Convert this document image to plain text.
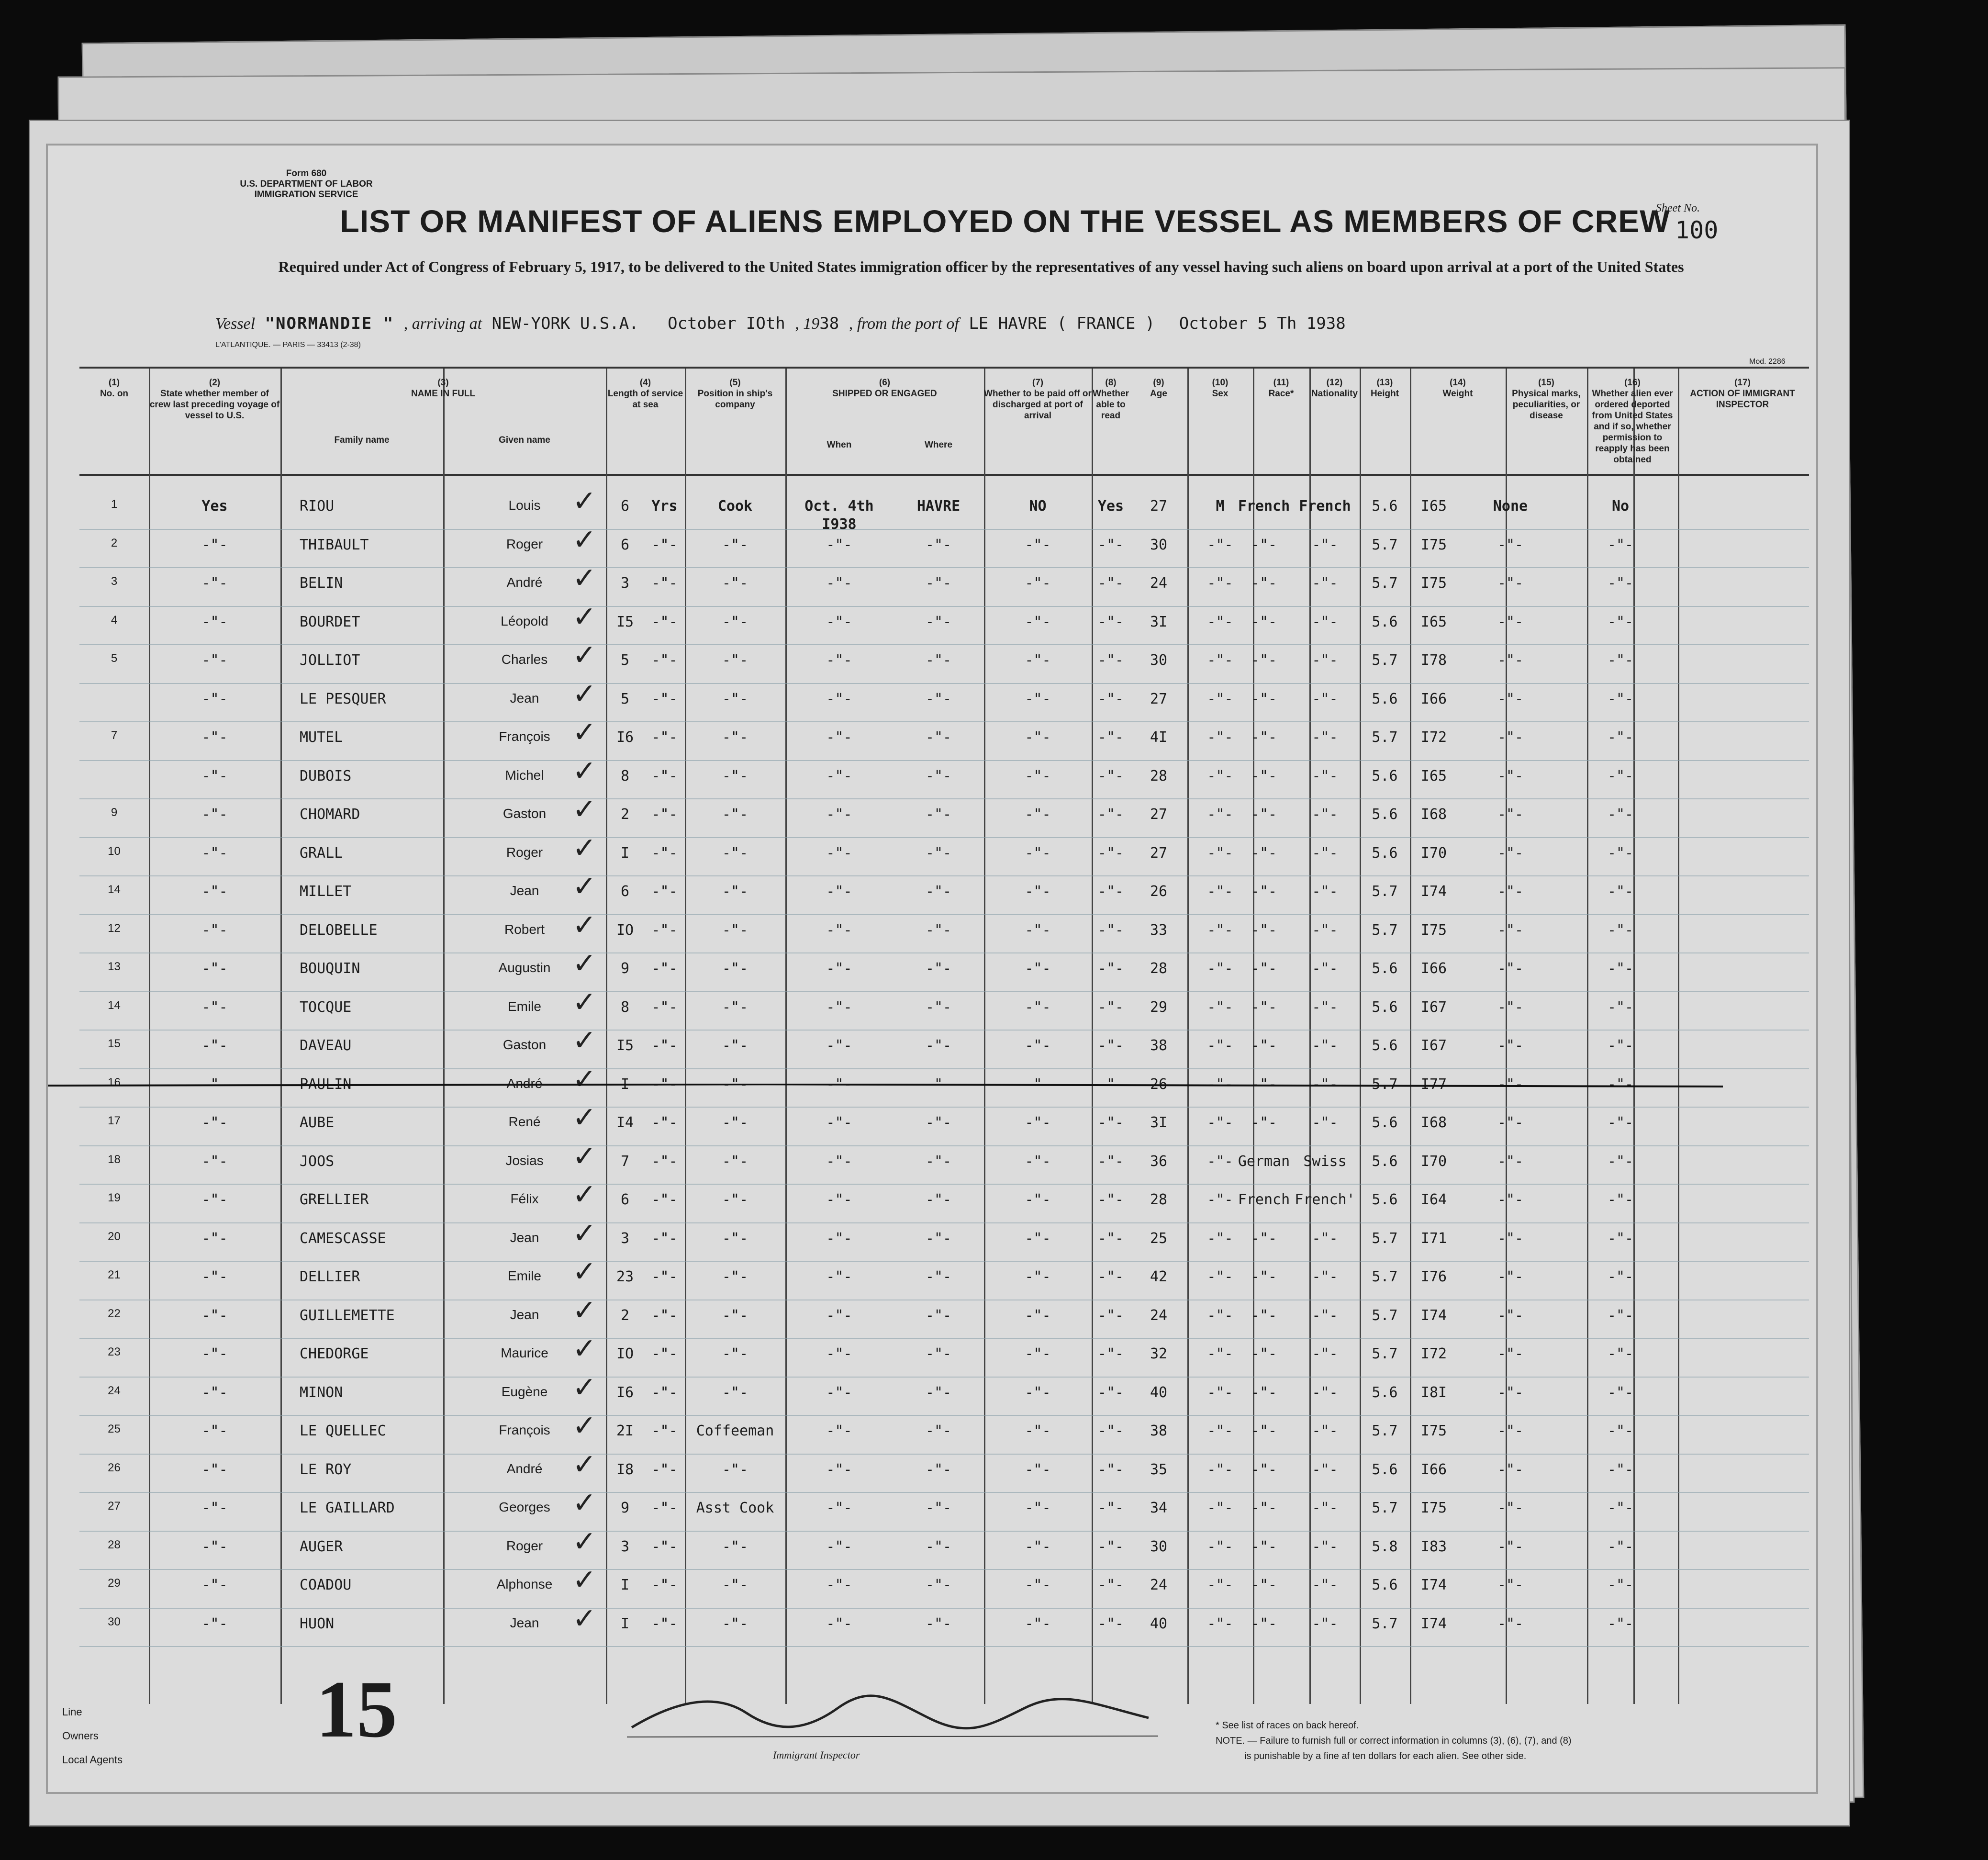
Form 680
U.S. DEPARTMENT OF LABOR
IMMIGRATION SERVICE
LIST OR MANIFEST OF ALIENS EMPLOYED ON THE VESSEL AS MEMBERS OF CREW
Sheet No.
100
Required under Act of Congress of February 5, 1917, to be delivered to the United States immigration officer by the representatives of any vessel having such aliens on board upon arrival at a port of the United States
Vessel "NORMANDIE " , arriving at NEW-YORK U.S.A. October IOth , 1938 , from the port of LE HAVRE ( FRANCE ) October 5 Th 1938
L'ATLANTIQUE. — PARIS — 33413 (2-38)
Mod. 2286
(1)
No. on
(2)
State whether member of crew last preceding voyage of vessel to U.S.
(3)
NAME IN FULL
Family name	Given name
(4)
Length of service at sea
(5)
Position in ship's company
(6)
SHIPPED OR ENGAGED
When	Where
(7)
Whether to be paid off or discharged at port of arrival
(8)
Whether able to read
(9)
Age
(10)
Sex
(11)
Race*
(12)
Nationality
(13)
Height
(14)
Weight
(15)
Physical marks, peculiarities, or disease
(16)
Whether alien ever ordered deported from United States and if so, whether permission to reapply has been obtained
(17)
ACTION OF IMMIGRANT INSPECTOR
1	Yes	RIOU	Louis	6	Yrs	Cook	Oct. 4th
I938
HAVRE	NO	Yes	27	M French French	5.6	I65	None	No
✓
2	-"-	THIBAULT	Roger	6	-"-	-"-	-"-	-"-	-"-	-"-	30	-"-	-"-	-"-	5.7	I75	-"-	-"-
✓
3	-"-	BELIN	André	3	-"-	-"-	-"-	-"-	-"-	-"-	24	-"-	-"-	-"-	5.7	I75	-"-	-"-
✓
4	-"-	BOURDET	Léopold	I5	-"-	-"-	-"-	-"-	-"-	-"-	3I	-"-	-"-	-"-	5.6	I65	-"-	-"-
✓
5	-"-	JOLLIOT	Charles	5	-"-	-"-	-"-	-"-	-"-	-"-	30	-"-	-"-	-"-	5.7	I78	-"-	-"-
✓
-"-	LE PESQUER	Jean	5	-"-	-"-	-"-	-"-	-"-	-"-	27	-"-	-"-	-"-	5.6	I66	-"-	-"-
✓
7	-"-	MUTEL	François	I6	-"-	-"-	-"-	-"-	-"-	-"-	4I	-"-	-"-	-"-	5.7	I72	-"-	-"-
✓
-"-	DUBOIS	Michel	8	-"-	-"-	-"-	-"-	-"-	-"-	28	-"-	-"-	-"-	5.6	I65	-"-	-"-
✓
9	-"-	CHOMARD	Gaston	2	-"-	-"-	-"-	-"-	-"-	-"-	27	-"-	-"-	-"-	5.6	I68	-"-	-"-
✓
10	-"-	GRALL	Roger	I	-"-	-"-	-"-	-"-	-"-	-"-	27	-"-	-"-	-"-	5.6	I70	-"-	-"-
✓
14	-"-	MILLET	Jean	6	-"-	-"-	-"-	-"-	-"-	-"-	26	-"-	-"-	-"-	5.7	I74	-"-	-"-
✓
12	-"-	DELOBELLE	Robert	IO	-"-	-"-	-"-	-"-	-"-	-"-	33	-"-	-"-	-"-	5.7	I75	-"-	-"-
✓
13	-"-	BOUQUIN	Augustin	9	-"-	-"-	-"-	-"-	-"-	-"-	28	-"-	-"-	-"-	5.6	I66	-"-	-"-
✓
14	-"-	TOCQUE	Emile	8	-"-	-"-	-"-	-"-	-"-	-"-	29	-"-	-"-	-"-	5.6	I67	-"-	-"-
✓
15	-"-	DAVEAU	Gaston	I5	-"-	-"-	-"-	-"-	-"-	-"-	38	-"-	-"-	-"-	5.6	I67	-"-	-"-
✓
16	-"-	PAULIN	André	I	-"-	-"-	-"-	-"-	-"-	-"-	26	-"-	-"-	-"-	5.7	I77	-"-	-"-
✓
17	-"-	AUBE	René	I4	-"-	-"-	-"-	-"-	-"-	-"-	3I	-"-	-"-	-"-	5.6	I68	-"-	-"-
✓
18	-"-	JOOS	Josias	7	-"-	-"-	-"-	-"-	-"-	-"-	36	-"- German Swiss	5.6	I70	-"-	-"-
✓
19	-"-	GRELLIER	Félix	6	-"-	-"-	-"-	-"-	-"-	-"-	28	-"- French French'	5.6	I64	-"-	-"-
✓
20	-"-	CAMESCASSE	Jean	3	-"-	-"-	-"-	-"-	-"-	-"-	25	-"-	-"-	-"-	5.7	I71	-"-	-"-
✓
21	-"-	DELLIER	Emile	23	-"-	-"-	-"-	-"-	-"-	-"-	42	-"-	-"-	-"-	5.7	I76	-"-	-"-
✓
22	-"-	GUILLEMETTE	Jean	2	-"-	-"-	-"-	-"-	-"-	-"-	24	-"-	-"-	-"-	5.7	I74	-"-	-"-
✓
23	-"-	CHEDORGE	Maurice	IO	-"-	-"-	-"-	-"-	-"-	-"-	32	-"-	-"-	-"-	5.7	I72	-"-	-"-
✓
24	-"-	MINON	Eugène	I6	-"-	-"-	-"-	-"-	-"-	-"-	40	-"-	-"-	-"-	5.6	I8I	-"-	-"-
✓
25	-"-	LE QUELLEC	François	2I	-"-	Coffeeman	-"-	-"-	-"-	-"-	38	-"-	-"-	-"-	5.7	I75	-"-	-"-
✓
26	-"-	LE ROY	André	I8	-"-	-"-	-"-	-"-	-"-	-"-	35	-"-	-"-	-"-	5.6	I66	-"-	-"-
✓
27	-"-	LE GAILLARD	Georges	9	-"-	Asst Cook	-"-	-"-	-"-	-"-	34	-"-	-"-	-"-	5.7	I75	-"-	-"-
✓
28	-"-	AUGER	Roger	3	-"-	-"-	-"-	-"-	-"-	-"-	30	-"-	-"-	-"-	5.8	I83	-"-	-"-
✓
29	-"-	COADOU	Alphonse	I	-"-	-"-	-"-	-"-	-"-	-"-	24	-"-	-"-	-"-	5.6	I74	-"-	-"-
✓
30	-"-	HUON	Jean	I	-"-	-"-	-"-	-"-	-"-	-"-	40	-"-	-"-	-"-	5.7	I74	-"-	-"-
✓
Line
Owners
Local Agents
15
Immigrant Inspector
* See list of races on back hereof.
NOTE. — Failure to furnish full or correct information in columns (3), (6), (7), and (8)
is punishable by a fine af ten dollars for each alien. See other side.
